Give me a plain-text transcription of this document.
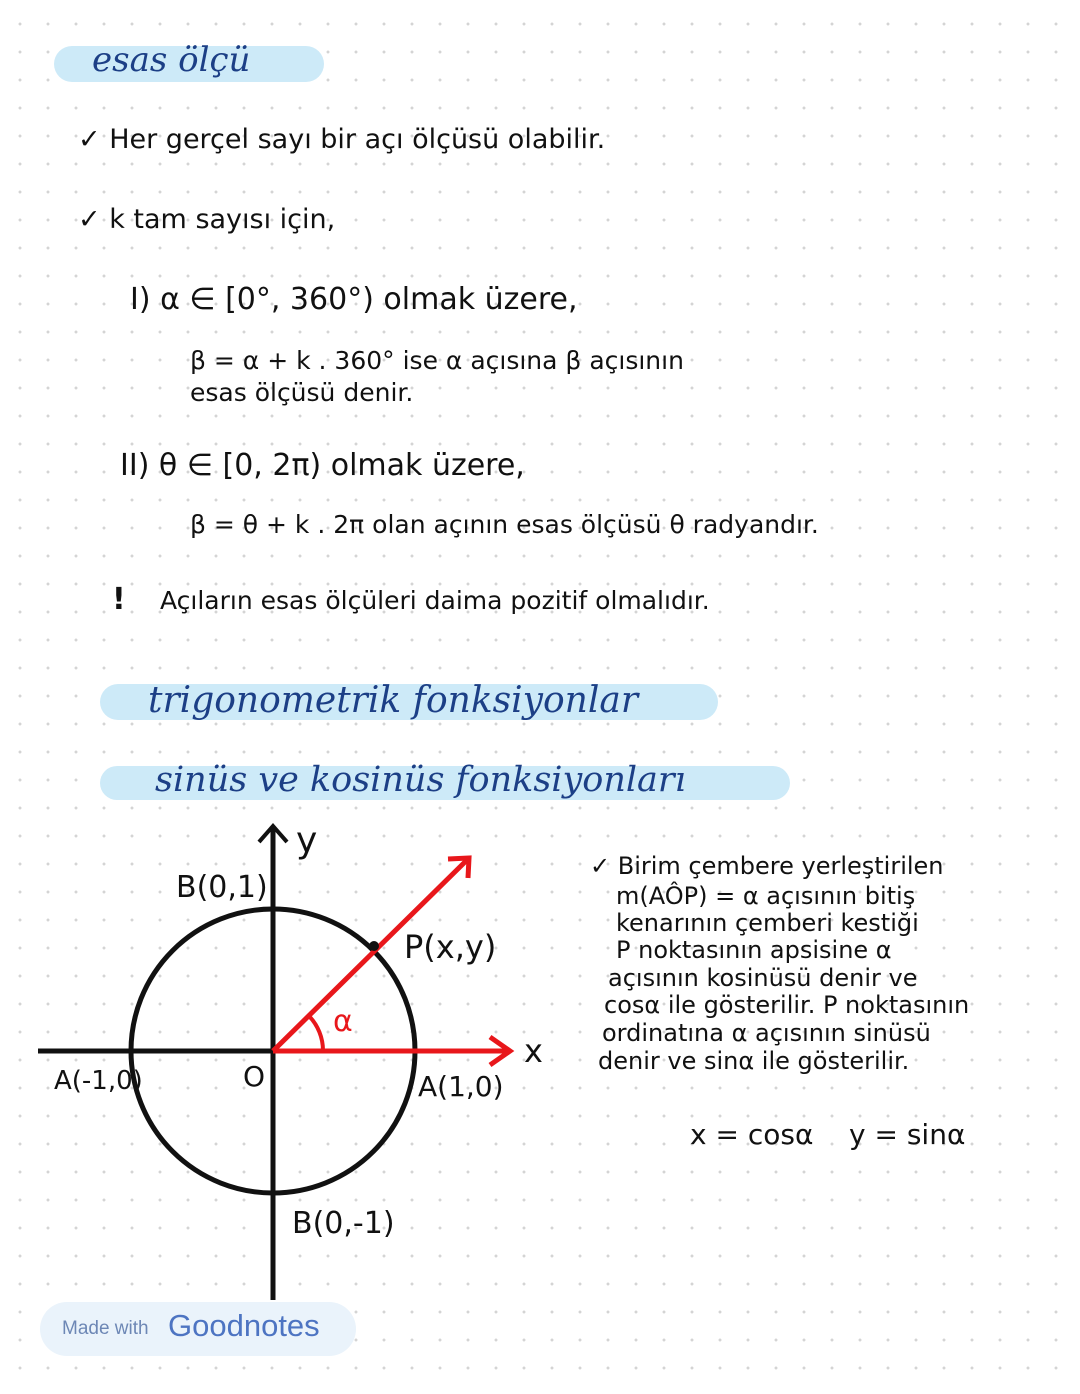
esas ölçü
✓ Her gerçel sayı bir açı ölçüsü olabilir.
✓ k tam sayısı için,
I) α ∈ [0°, 360°) olmak üzere,
β = α + k . 360° ise α açısına β açısının
esas ölçüsü denir.
II) θ ∈ [0, 2π) olmak üzere,
β = θ + k . 2π olan açının esas ölçüsü θ radyandır.
! Açıların esas ölçüleri daima pozitif olmalıdır.
trigonometrik fonksiyonlar
sinüs ve kosinüs fonksiyonları
y
x
O
B(0,1)
B(0,-1)
A(-1,0)	A(1,0)
P(x,y)
α
✓ Birim çembere yerleştirilen
m(AÔP) = α açısının bitiş
kenarının çemberi kestiği
P noktasının apsisine α
açısının kosinüsü denir ve
cosα ile gösterilir. P noktasının
ordinatına α açısının sinüsü
denir ve sinα ile gösterilir.
x = cosα    y = sinα
Made with Goodnotes
